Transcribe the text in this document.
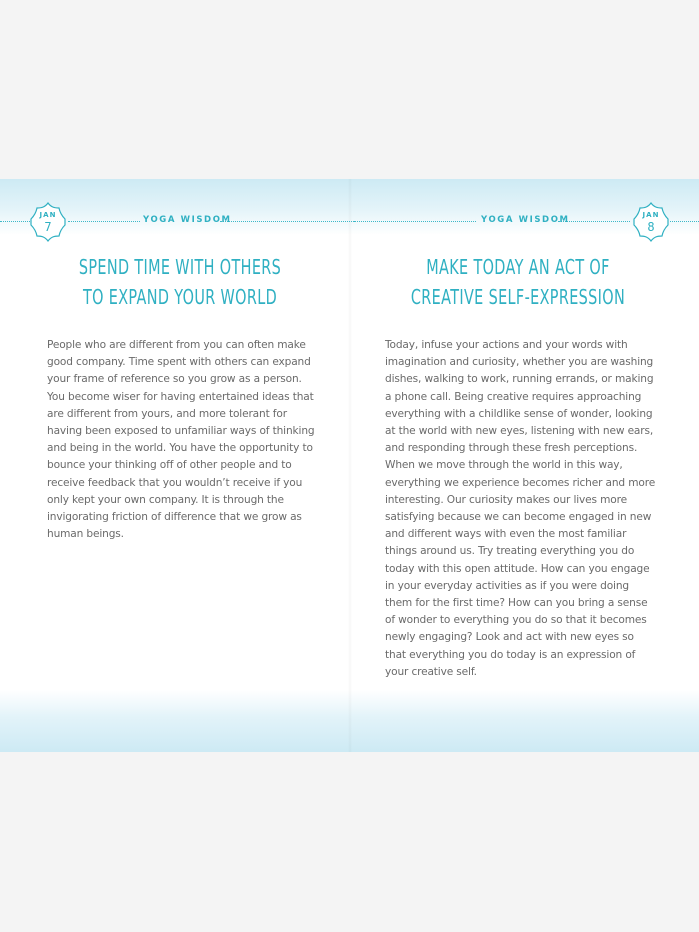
JAN
7	YOGA WISDOM
SPEND TIME WITH OTHERS
TO EXPAND YOUR WORLD
People who are different from you can often make good company. Time spent with others can expand your frame of reference so you grow as a person. You become wiser for having entertained ideas that are different from yours, and more tolerant for having been exposed to unfamiliar ways of thinking and being in the world. You have the opportunity to bounce your thinking off of other people and to receive feedback that you wouldn’t receive if you only kept your own company. It is through the invigorating friction of difference that we grow as human beings.
YOGA WISDOM	JAN
8
MAKE TODAY AN ACT OF
CREATIVE SELF-EXPRESSION
Today, infuse your actions and your words with imagination and curiosity, whether you are washing dishes, walking to work, running errands, or making a phone call. Being creative requires approaching everything with a childlike sense of wonder, looking at the world with new eyes, listening with new ears, and responding through these fresh perceptions. When we move through the world in this way, everything we experience becomes richer and more interesting. Our curiosity makes our lives more satisfying because we can become engaged in new and different ways with even the most familiar things around us. Try treating everything you do today with this open attitude. How can you engage in your everyday activities as if you were doing them for the first time? How can you bring a sense of wonder to everything you do so that it becomes newly engaging? Look and act with new eyes so that everything you do today is an expression of your creative self.
